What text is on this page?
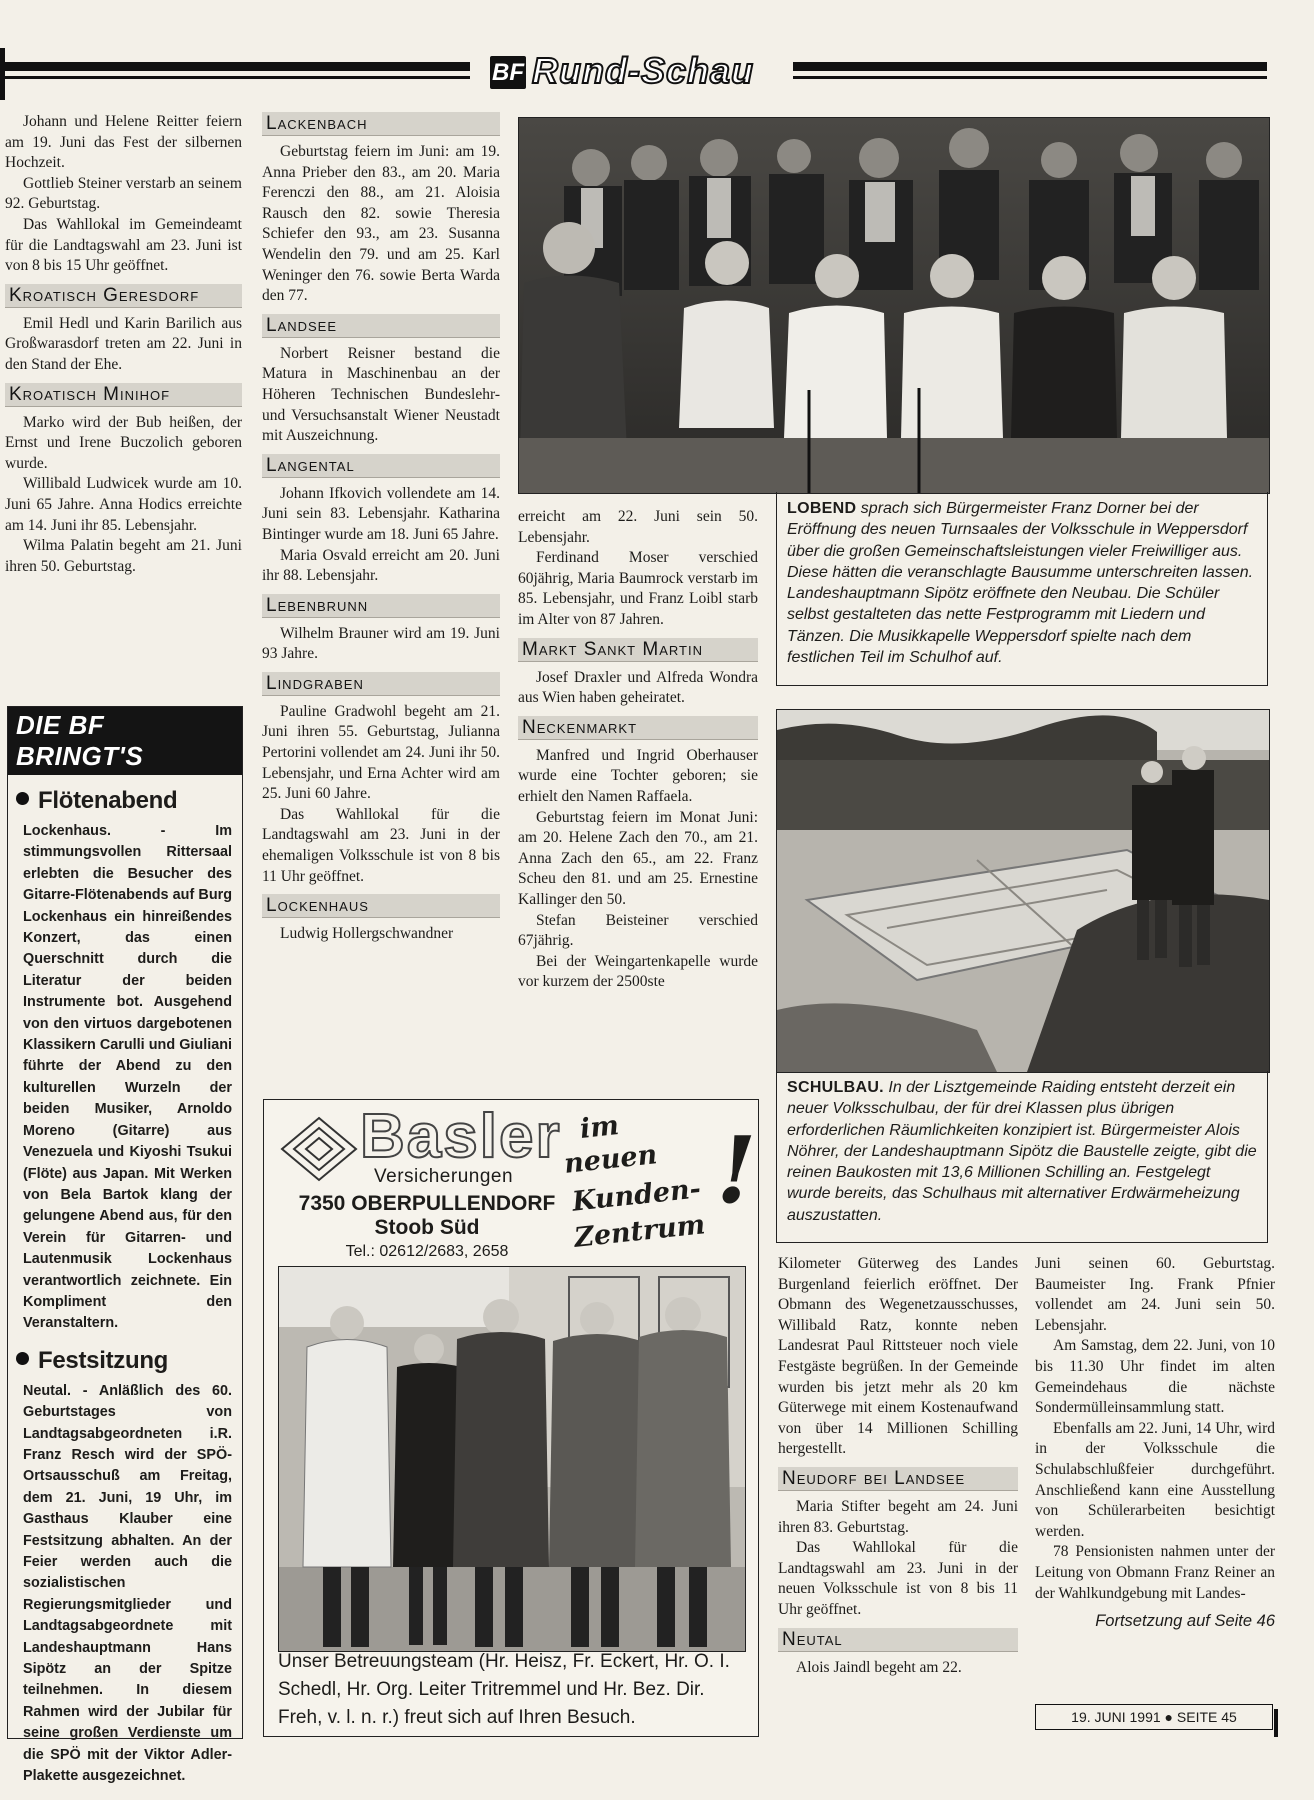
BF Rund-Schau

Johann und Helene Reitter feiern am 19. Juni das Fest der silbernen Hochzeit.

Gottlieb Steiner verstarb an seinem 92. Geburtstag.

Das Wahllokal im Gemeindeamt für die Landtagswahl am 23. Juni ist von 8 bis 15 Uhr geöffnet.

Kroatisch Geresdorf

Emil Hedl und Karin Barilich aus Großwarasdorf treten am 22. Juni in den Stand der Ehe.

Kroatisch Minihof

Marko wird der Bub heißen, der Ernst und Irene Buczolich geboren wurde.

Willibald Ludwicek wurde am 10. Juni 65 Jahre. Anna Hodics erreichte am 14. Juni ihr 85. Lebensjahr.

Wilma Palatin begeht am 21. Juni ihren 50. Geburtstag.

DIE BF BRINGT'S
Flötenabend

Lockenhaus. - Im stimmungsvollen Rittersaal erlebten die Besucher des Gitarre-Flötenabends auf Burg Lockenhaus ein hinreißendes Konzert, das einen Querschnitt durch die Literatur der beiden Instrumente bot. Ausgehend von den virtuos dargebotenen Klassikern Carulli und Giuliani führte der Abend zu den kulturellen Wurzeln der beiden Musiker, Arnoldo Moreno (Gitarre) aus Venezuela und Kiyoshi Tsukui (Flöte) aus Japan. Mit Werken von Bela Bartok klang der gelungene Abend aus, für den Verein für Gitarren- und Lautenmusik Lockenhaus verantwortlich zeichnete. Ein Kompliment den Veranstaltern.

Festsitzung

Neutal. - Anläßlich des 60. Geburtstages von Landtagsabgeordneten i.R. Franz Resch wird der SPÖ-Ortsausschuß am Freitag, dem 21. Juni, 19 Uhr, im Gasthaus Klauber eine Festsitzung abhalten. An der Feier werden auch die sozialistischen Regierungsmitglieder und Landtagsabgeordnete mit Landeshauptmann Hans Sipötz an der Spitze teilnehmen. In diesem Rahmen wird der Jubilar für seine großen Verdienste um die SPÖ mit der Viktor Adler-Plakette ausgezeichnet.

Lackenbach

Geburtstag feiern im Juni: am 19. Anna Prieber den 83., am 20. Maria Ferenczi den 88., am 21. Aloisia Rausch den 82. sowie Theresia Schiefer den 93., am 23. Susanna Wendelin den 79. und am 25. Karl Weninger den 76. sowie Berta Warda den 77.

Landsee

Norbert Reisner bestand die Matura in Maschinenbau an der Höheren Technischen Bundeslehr- und Versuchsanstalt Wiener Neustadt mit Auszeichnung.

Langental

Johann Ifkovich vollendete am 14. Juni sein 83. Lebensjahr. Katharina Bintinger wurde am 18. Juni 65 Jahre.

Maria Osvald erreicht am 20. Juni ihr 88. Lebensjahr.

Lebenbrunn

Wilhelm Brauner wird am 19. Juni 93 Jahre.

Lindgraben

Pauline Gradwohl begeht am 21. Juni ihren 55. Geburtstag, Julianna Pertorini vollendet am 24. Juni ihr 50. Lebensjahr, und Erna Achter wird am 25. Juni 60 Jahre.

Das Wahllokal für die Landtagswahl am 23. Juni in der ehemaligen Volksschule ist von 8 bis 11 Uhr geöffnet.

Lockenhaus

Ludwig Hollergschwandner

LOBEND sprach sich Bürgermeister Franz Dorner bei der Eröffnung des neuen Turnsaales der Volksschule in Weppersdorf über die großen Gemeinschaftsleistungen vieler Freiwilliger aus. Diese hätten die veranschlagte Bausumme unterschreiten lassen. Landeshauptmann Sipötz eröffnete den Neubau. Die Schüler selbst gestalteten das nette Festprogramm mit Liedern und Tänzen. Die Musikkapelle Weppersdorf spielte nach dem festlichen Teil im Schulhof auf.

erreicht am 22. Juni sein 50. Lebensjahr.

Ferdinand Moser verschied 60jährig, Maria Baumrock verstarb im 85. Lebensjahr, und Franz Loibl starb im Alter von 87 Jahren.

Markt Sankt Martin

Josef Draxler und Alfreda Wondra aus Wien haben geheiratet.

Neckenmarkt

Manfred und Ingrid Oberhauser wurde eine Tochter geboren; sie erhielt den Namen Raffaela.

Geburtstag feiern im Monat Juni: am 20. Helene Zach den 70., am 21. Anna Zach den 65., am 22. Franz Scheu den 81. und am 25. Ernestine Kallinger den 50.

Stefan Beisteiner verschied 67jährig.

Bei der Weingartenkapelle wurde vor kurzem der 2500ste

SCHULBAU. In der Lisztgemeinde Raiding entsteht derzeit ein neuer Volksschulbau, der für drei Klassen plus übrigen erforderlichen Räumlichkeiten konzipiert ist. Bürgermeister Alois Nöhrer, der Landeshauptmann Sipötz die Baustelle zeigte, gibt die reinen Baukosten mit 13,6 Millionen Schilling an. Festgelegt wurde bereits, das Schulhaus mit alternativer Erdwärmeheizung auszustatten.

Basler
Versicherungen
7350 OBERPULLENDORF
Stoob Süd
Tel.: 02612/2683, 2658
im
neuen
Kunden-
Zentrum
!

Unser Betreuungsteam (Hr. Heisz, Fr. Eckert, Hr. O. I. Schedl, Hr. Org. Leiter Tritremmel und Hr. Bez. Dir. Freh, v. l. n. r.) freut sich auf Ihren Besuch.

Kilometer Güterweg des Landes Burgenland feierlich eröffnet. Der Obmann des Wegenetzausschusses, Willibald Ratz, konnte neben Landesrat Paul Rittsteuer noch viele Festgäste begrüßen. In der Gemeinde wurden bis jetzt mehr als 20 km Güterwege mit einem Kostenaufwand von über 14 Millionen Schilling hergestellt.

Neudorf bei Landsee

Maria Stifter begeht am 24. Juni ihren 83. Geburtstag.

Das Wahllokal für die Landtagswahl am 23. Juni in der neuen Volksschule ist von 8 bis 11 Uhr geöffnet.

Neutal

Alois Jaindl begeht am 22.

Juni seinen 60. Geburtstag. Baumeister Ing. Frank Pfnier vollendet am 24. Juni sein 50. Lebensjahr.

Am Samstag, dem 22. Juni, von 10 bis 11.30 Uhr findet im alten Gemeindehaus die nächste Sondermülleinsammlung statt.

Ebenfalls am 22. Juni, 14 Uhr, wird in der Volksschule die Schulabschlußfeier durchgeführt. Anschließend kann eine Ausstellung von Schülerarbeiten besichtigt werden.

78 Pensionisten nahmen unter der Leitung von Obmann Franz Reiner an der Wahlkundgebung mit Landes-

Fortsetzung auf Seite 46

19. JUNI 1991 ● SEITE 45
